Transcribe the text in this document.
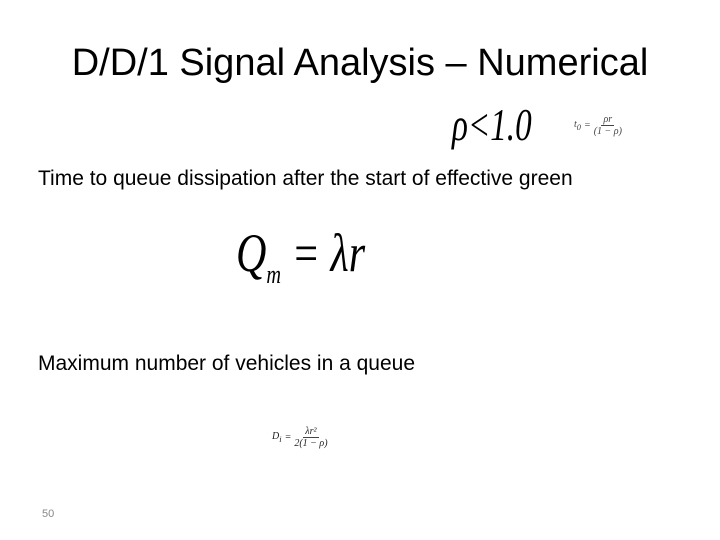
D/D/1 Signal Analysis – Numerical
ρ<1.0	$t_0 = \frac{\rho r}{(1 - \rho)}$
Time to queue dissipation after the start of effective green
$Q_m = \lambda r$
Maximum number of vehicles in a queue
$D_i = \frac{\text{λr²}}{2(1 - \rho)}$
50
